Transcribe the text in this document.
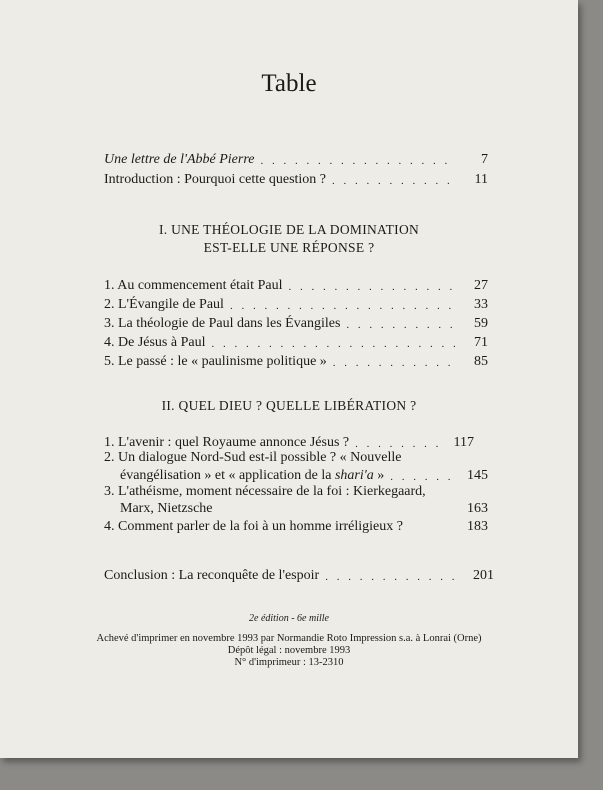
Table
Une lettre de l'Abbé Pierre . . .	7
Introduction : Pourquoi cette question ? . . .	11
I. UNE THÉOLOGIE DE LA DOMINATION
EST-ELLE UNE RÉPONSE ?
1. Au commencement était Paul . . .	27
2. L'Évangile de Paul . . .	33
3. La théologie de Paul dans les Évangiles . . .	59
4. De Jésus à Paul . . .	71
5. Le passé : le « paulinisme politique » . . .	85
II. QUEL DIEU ? QUELLE LIBÉRATION ?
1. L'avenir : quel Royaume annonce Jésus ? . . .	117
2. Un dialogue Nord-Sud est-il possible ? « Nouvelle
évangélisation » et « application de la shari'a » . . .	145
3. L'athéisme, moment nécessaire de la foi : Kierkegaard,
Marx, Nietzsche	163
4. Comment parler de la foi à un homme irréligieux ?	183
Conclusion : La reconquête de l'espoir . . .	201
2e édition - 6e mille
Achevé d'imprimer en novembre 1993 par Normandie Roto Impression s.a. à Lonrai (Orne)
Dépôt légal : novembre 1993
N° d'imprimeur : 13-2310
